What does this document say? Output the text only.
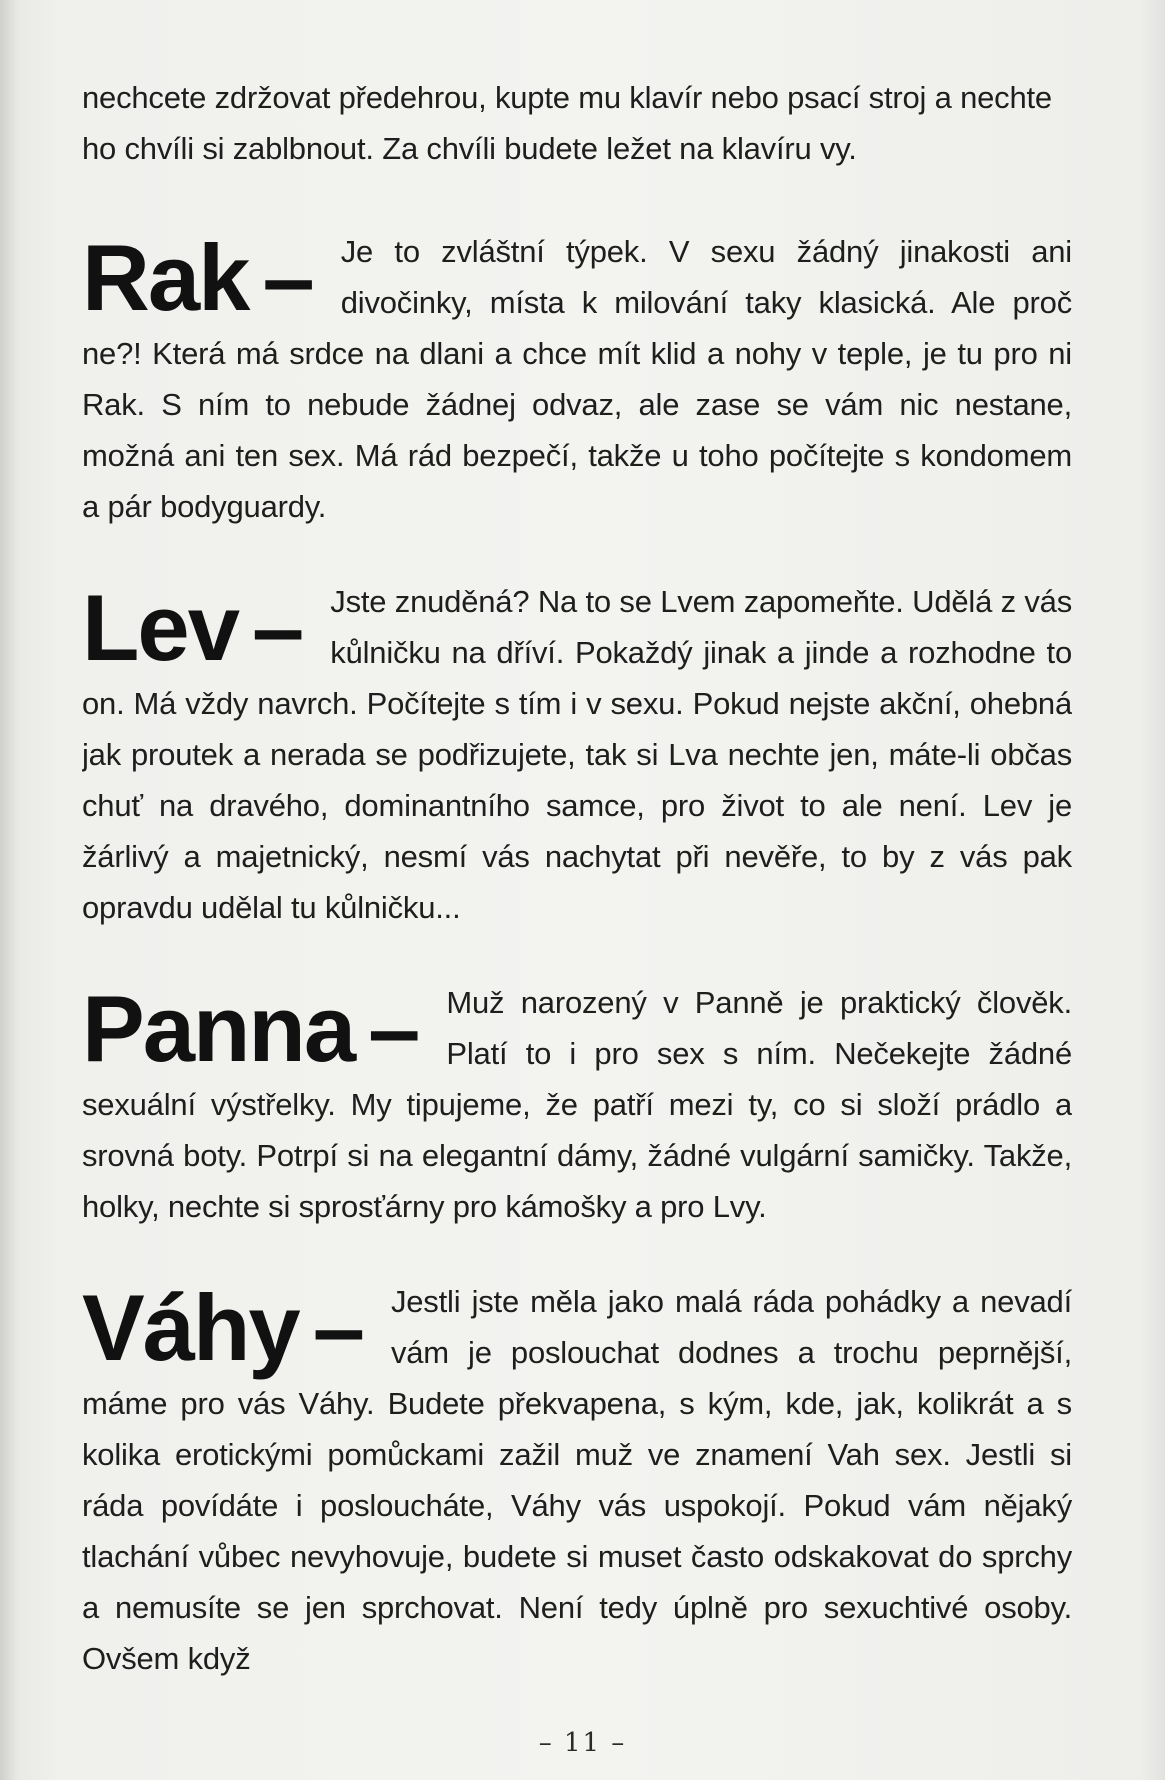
nechcete zdržovat předehrou, kupte mu klavír nebo psací stroj a nechte ho chvíli si zablbnout. Za chvíli budete ležet na klavíru vy.

Rak – Je to zvláštní týpek. V sexu žádný jinakosti ani divočinky, místa k milování taky klasická. Ale proč ne?! Která má srdce na dlani a chce mít klid a nohy v teple, je tu pro ni Rak. S ním to nebude žádnej odvaz, ale zase se vám nic nestane, možná ani ten sex. Má rád bezpečí, takže u toho počítejte s kondomem a pár bodyguardy.

Lev – Jste znuděná? Na to se Lvem zapomeňte. Udělá z vás kůlničku na dříví. Pokaždý jinak a jinde a rozhodne to on. Má vždy navrch. Počítejte s tím i v sexu. Pokud nejste akční, ohebná jak proutek a nerada se podřizujete, tak si Lva nechte jen, máte-li občas chuť na dravého, dominantního samce, pro život to ale není. Lev je žárlivý a majetnický, nesmí vás nachytat při nevěře, to by z vás pak opravdu udělal tu kůlničku...

Panna – Muž narozený v Panně je praktický člověk. Platí to i pro sex s ním. Nečekejte žádné sexuální výstřelky. My tipujeme, že patří mezi ty, co si složí prádlo a srovná boty. Potrpí si na elegantní dámy, žádné vulgární samičky. Takže, holky, nechte si sprosťárny pro kámošky a pro Lvy.

Váhy – Jestli jste měla jako malá ráda pohádky a nevadí vám je poslouchat dodnes a trochu peprnější, máme pro vás Váhy. Budete překvapena, s kým, kde, jak, kolikrát a s kolika erotickými pomůckami zažil muž ve znamení Vah sex. Jestli si ráda povídáte i posloucháte, Váhy vás uspokojí. Pokud vám nějaký tlachání vůbec nevyhovuje, budete si muset často odskakovat do sprchy a nemusíte se jen sprchovat. Není tedy úplně pro sexuchtivé osoby. Ovšem když

– 11 –
